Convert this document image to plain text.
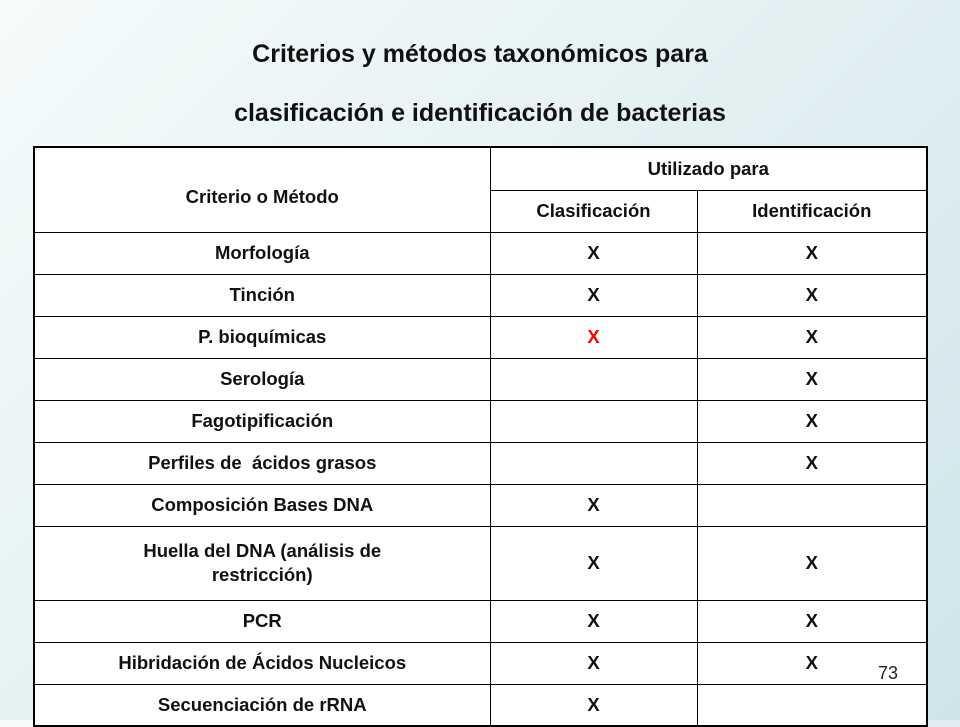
Criterios y métodos taxonómicos para
clasificación e identificación de bacterias
Criterio o Método	Utilizado para	
	Clasificación	Identificación
Morfología	X	X
Tinción	X	X
P. bioquímicas	X	X
Serología		X
Fagotipificación		X
Perfiles de  ácidos grasos		X
Composición Bases DNA	X	
Huella del DNA (análisis de restricción)	X	X
PCR	X	X
Hibridación de Ácidos Nucleicos	X	X
Secuenciación de rRNA	X	
73
